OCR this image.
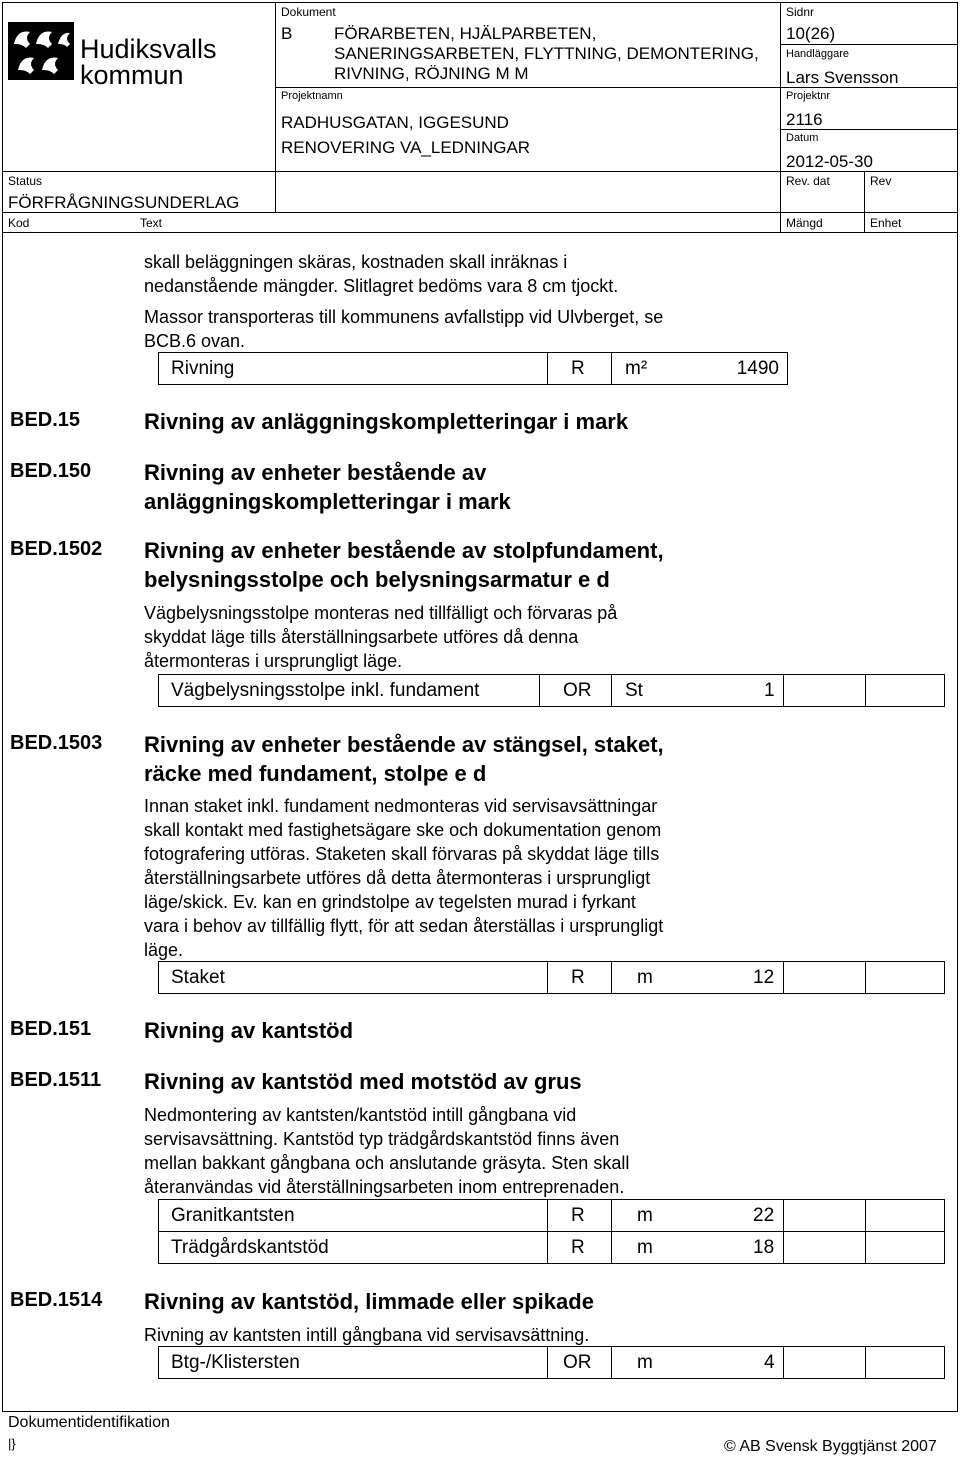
Hudiksvalls
kommun
Dokument
B FÖRARBETEN, HJÄLPARBETEN,
SANERINGSARBETEN, FLYTTNING, DEMONTERING,
RIVNING, RÖJNING M M
Sidnr
10(26)
Handläggare
Lars Svensson
Projektnr
2116
Datum
2012-05-30
Projektnamn
RADHUSGATAN, IGGESUND
RENOVERING VA_LEDNINGAR
Status
FÖRFRÅGNINGSUNDERLAG
Rev. dat	Rev
Kod	Text	Mängd	Enhet
skall beläggningen skäras, kostnaden skall inräknas i
nedanstående mängder. Slitlagret bedöms vara 8 cm tjockt.
Massor transporteras till kommunens avfallstipp vid Ulvberget, se
BCB.6 ovan.
Rivning	R m²	1490
BED.15	Rivning av anläggningskompletteringar i mark
BED.150 Rivning av enheter bestående av
anläggningskompletteringar i mark
BED.1502 Rivning av enheter bestående av stolpfundament,
belysningsstolpe och belysningsarmatur e d
Vägbelysningsstolpe monteras ned tillfälligt och förvaras på
skyddat läge tills återställningsarbete utföres då denna
återmonteras i ursprungligt läge.
Vägbelysningsstolpe inkl. fundament	OR St	1
BED.1503 Rivning av enheter bestående av stängsel, staket,
räcke med fundament, stolpe e d
Innan staket inkl. fundament nedmonteras vid servisavsättningar
skall kontakt med fastighetsägare ske och dokumentation genom
fotografering utföras. Staketen skall förvaras på skyddat läge tills
återställningsarbete utföres då detta återmonteras i ursprungligt
läge/skick. Ev. kan en grindstolpe av tegelsten murad i fyrkant
vara i behov av tillfällig flytt, för att sedan återställas i ursprungligt
läge.
Staket	R	m	12
BED.151 Rivning av kantstöd
BED.1511 Rivning av kantstöd med motstöd av grus
Nedmontering av kantsten/kantstöd intill gångbana vid
servisavsättning. Kantstöd typ trädgårdskantstöd finns även
mellan bakkant gångbana och anslutande gräsyta. Sten skall
återanvändas vid återställningsarbeten inom entreprenaden.
Granitkantsten	R	m	22
Trädgårdskantstöd	R	m	18
BED.1514 Rivning av kantstöd, limmade eller spikade
Rivning av kantsten intill gångbana vid servisavsättning.
Btg-/Klistersten	OR m	4
Dokumentidentifikation
|}	© AB Svensk Byggtjänst 2007
